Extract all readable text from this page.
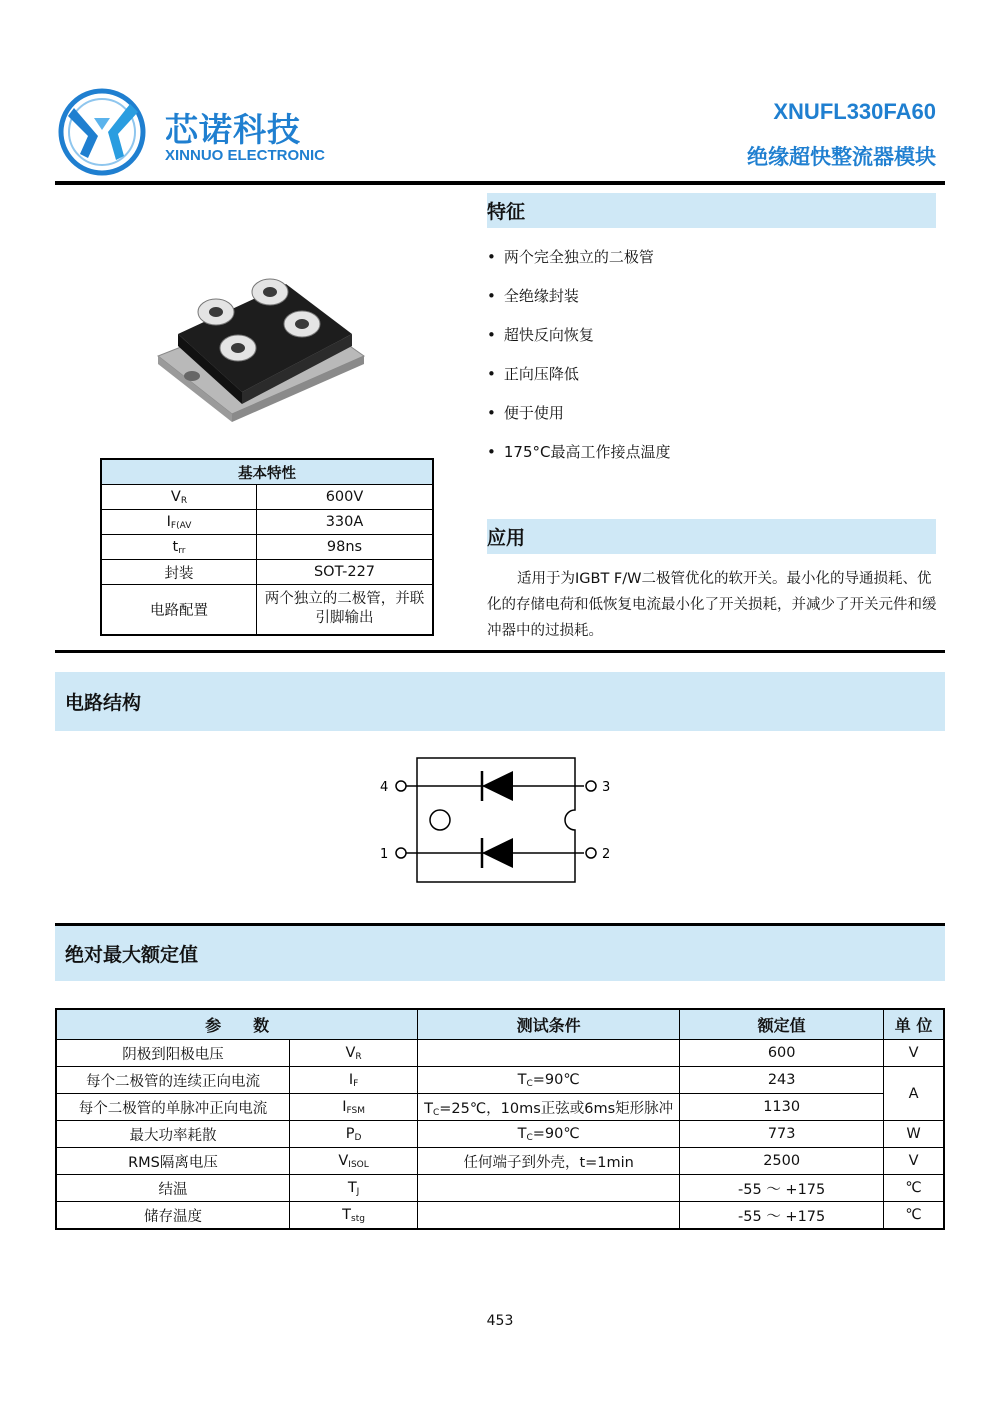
芯诺科技
XINNUO ELECTRONIC
XNUFL330FA60
绝缘超快整流器模块
基本特性	
$V_R$	600V
$I_{F(AV}$	330A
$t_{rr}$	98ns
封装	SOT-227
电路配置	两个独立的二极管，并联引脚输出
特征
• 两个完全独立的二极管
• 全绝缘封装
• 超快反向恢复
• 正向压降低
• 便于使用
• 175°C最高工作接点温度
应用
适用于为IGBT F/W二极管优化的软开关。最小化的导通损耗、优化的存储电荷和低恢复电流最小化了开关损耗，并减少了开关元件和缓冲器中的过损耗。
电路结构
4	3
1	2
绝对最大额定值
参　　数		测试条件	额定值	单 位
阴极到阳极电压	$V_R$		600	V
每个二极管的连续正向电流	$I_F$	$T_C=90℃$	243	A
每个二极管的单脉冲正向电流	$I_{FSM}$	$T_C=25℃$，10ms正弦或6ms矩形脉冲	1130	
最大功率耗散	$P_D$	$T_C=90℃$	773	W
RMS隔离电压	$V_{ISOL}$	任何端子到外壳，t=1min	2500	V
结温	$T_J$		-55 ～ +175	℃
储存温度	$T_{stg}$		-55 ～ +175	℃
453
